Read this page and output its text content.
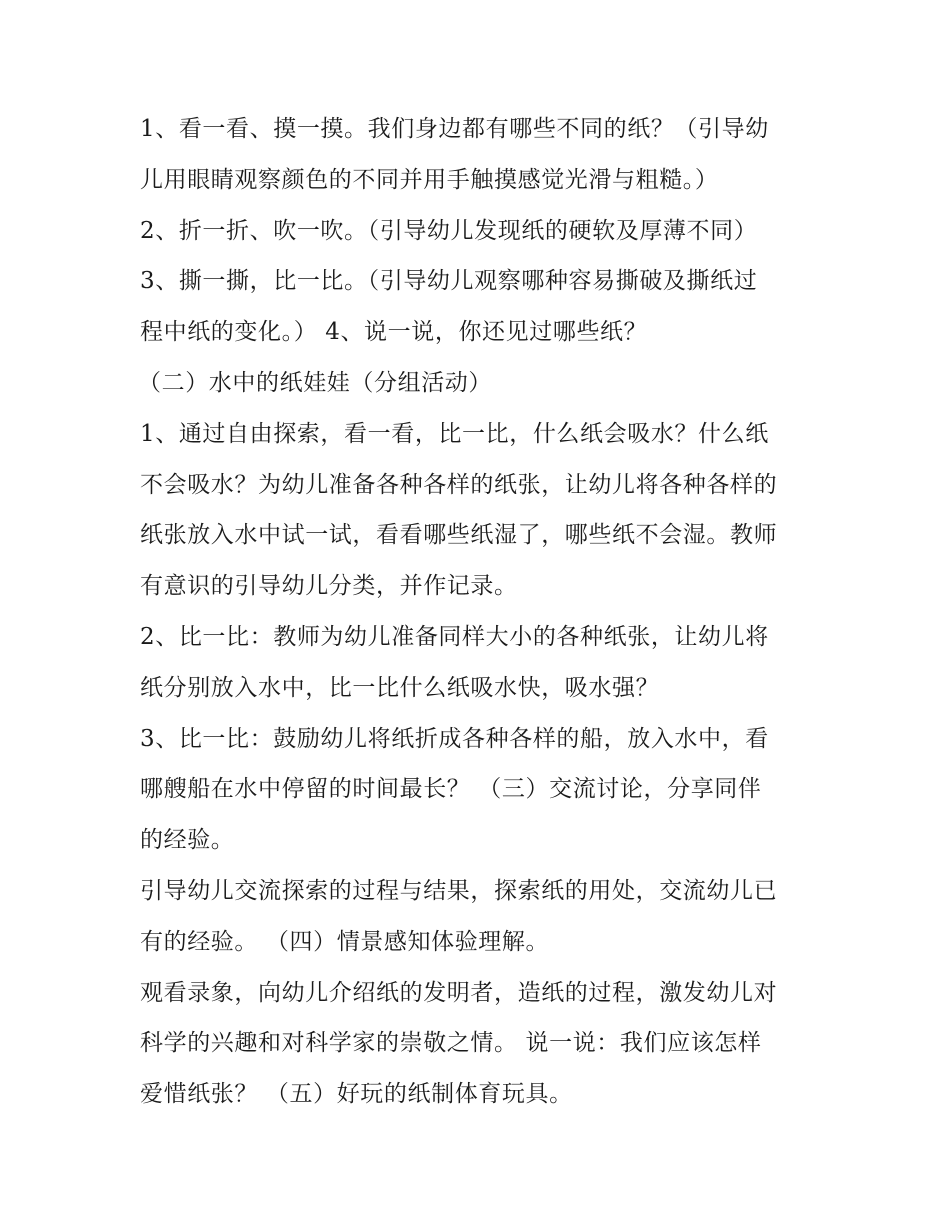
1、看一看、摸一摸。我们身边都有哪些不同的纸？（引导幼
儿用眼睛观察颜色的不同并用手触摸感觉光滑与粗糙。）
2、折一折、吹一吹。（引导幼儿发现纸的硬软及厚薄不同）
3、撕一撕，比一比。（引导幼儿观察哪种容易撕破及撕纸过
程中纸的变化。） 4、说一说，你还见过哪些纸？
（二）水中的纸娃娃（分组活动）
1、通过自由探索，看一看，比一比，什么纸会吸水？什么纸
不会吸水？为幼儿准备各种各样的纸张，让幼儿将各种各样的
纸张放入水中试一试，看看哪些纸湿了，哪些纸不会湿。教师
有意识的引导幼儿分类，并作记录。
2、比一比：教师为幼儿准备同样大小的各种纸张，让幼儿将
纸分别放入水中，比一比什么纸吸水快，吸水强？
3、比一比：鼓励幼儿将纸折成各种各样的船，放入水中，看
哪艘船在水中停留的时间最长？ （三）交流讨论，分享同伴
的经验。
引导幼儿交流探索的过程与结果，探索纸的用处，交流幼儿已
有的经验。 （四）情景感知体验理解。
观看录象，向幼儿介绍纸的发明者，造纸的过程，激发幼儿对
科学的兴趣和对科学家的崇敬之情。 说一说：我们应该怎样
爱惜纸张？ （五）好玩的纸制体育玩具。
